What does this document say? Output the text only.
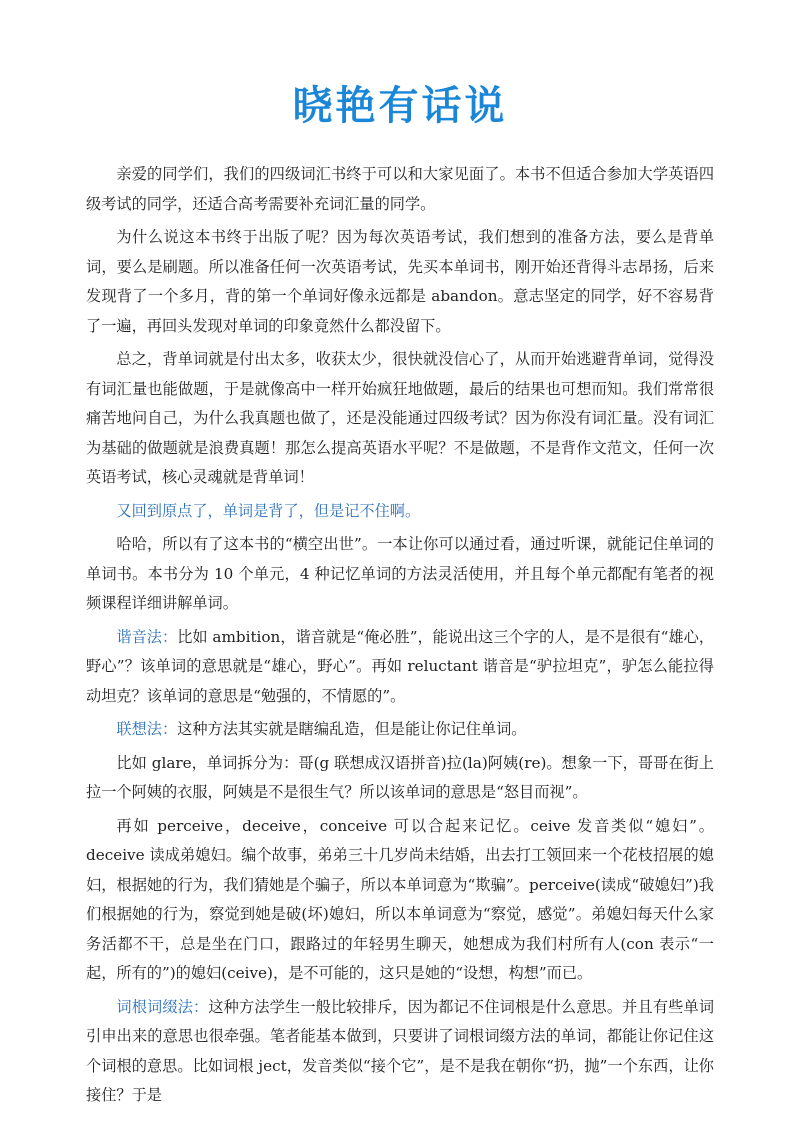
晓艳有话说

亲爱的同学们，我们的四级词汇书终于可以和大家见面了。本书不但适合参加大学英语四级考试的同学，还适合高考需要补充词汇量的同学。

为什么说这本书终于出版了呢？因为每次英语考试，我们想到的准备方法，要么是背单词，要么是刷题。所以准备任何一次英语考试，先买本单词书，刚开始还背得斗志昂扬，后来发现背了一个多月，背的第一个单词好像永远都是 abandon。意志坚定的同学，好不容易背了一遍，再回头发现对单词的印象竟然什么都没留下。

总之，背单词就是付出太多，收获太少，很快就没信心了，从而开始逃避背单词，觉得没有词汇量也能做题，于是就像高中一样开始疯狂地做题，最后的结果也可想而知。我们常常很痛苦地问自己，为什么我真题也做了，还是没能通过四级考试？因为你没有词汇量。没有词汇为基础的做题就是浪费真题！那怎么提高英语水平呢？不是做题，不是背作文范文，任何一次英语考试，核心灵魂就是背单词！

又回到原点了，单词是背了，但是记不住啊。

哈哈，所以有了这本书的“横空出世”。一本让你可以通过看，通过听课，就能记住单词的单词书。本书分为 10 个单元，4 种记忆单词的方法灵活使用，并且每个单元都配有笔者的视频课程详细讲解单词。

谐音法：比如 ambition，谐音就是“俺必胜”，能说出这三个字的人，是不是很有“雄心，野心”？该单词的意思就是“雄心，野心”。再如 reluctant 谐音是“驴拉坦克”，驴怎么能拉得动坦克？该单词的意思是“勉强的，不情愿的”。

联想法：这种方法其实就是瞎编乱造，但是能让你记住单词。

比如 glare，单词拆分为：哥(g 联想成汉语拼音)拉(la)阿姨(re)。想象一下，哥哥在街上拉一个阿姨的衣服，阿姨是不是很生气？所以该单词的意思是“怒目而视”。

再如 perceive，deceive，conceive 可以合起来记忆。ceive 发音类似“媳妇”。deceive 读成弟媳妇。编个故事，弟弟三十几岁尚未结婚，出去打工领回来一个花枝招展的媳妇，根据她的行为，我们猜她是个骗子，所以本单词意为“欺骗”。perceive(读成“破媳妇”)我们根据她的行为，察觉到她是破(坏)媳妇，所以本单词意为“察觉，感觉”。弟媳妇每天什么家务活都不干，总是坐在门口，跟路过的年轻男生聊天，她想成为我们村所有人(con 表示“一起，所有的”)的媳妇(ceive)，是不可能的，这只是她的“设想，构想”而已。

词根词缀法：这种方法学生一般比较排斥，因为都记不住词根是什么意思。并且有些单词引申出来的意思也很牵强。笔者能基本做到，只要讲了词根词缀方法的单词，都能让你记住这个词根的意思。比如词根 ject，发音类似“接个它”，是不是我在朝你“扔，抛”一个东西，让你接住？于是
